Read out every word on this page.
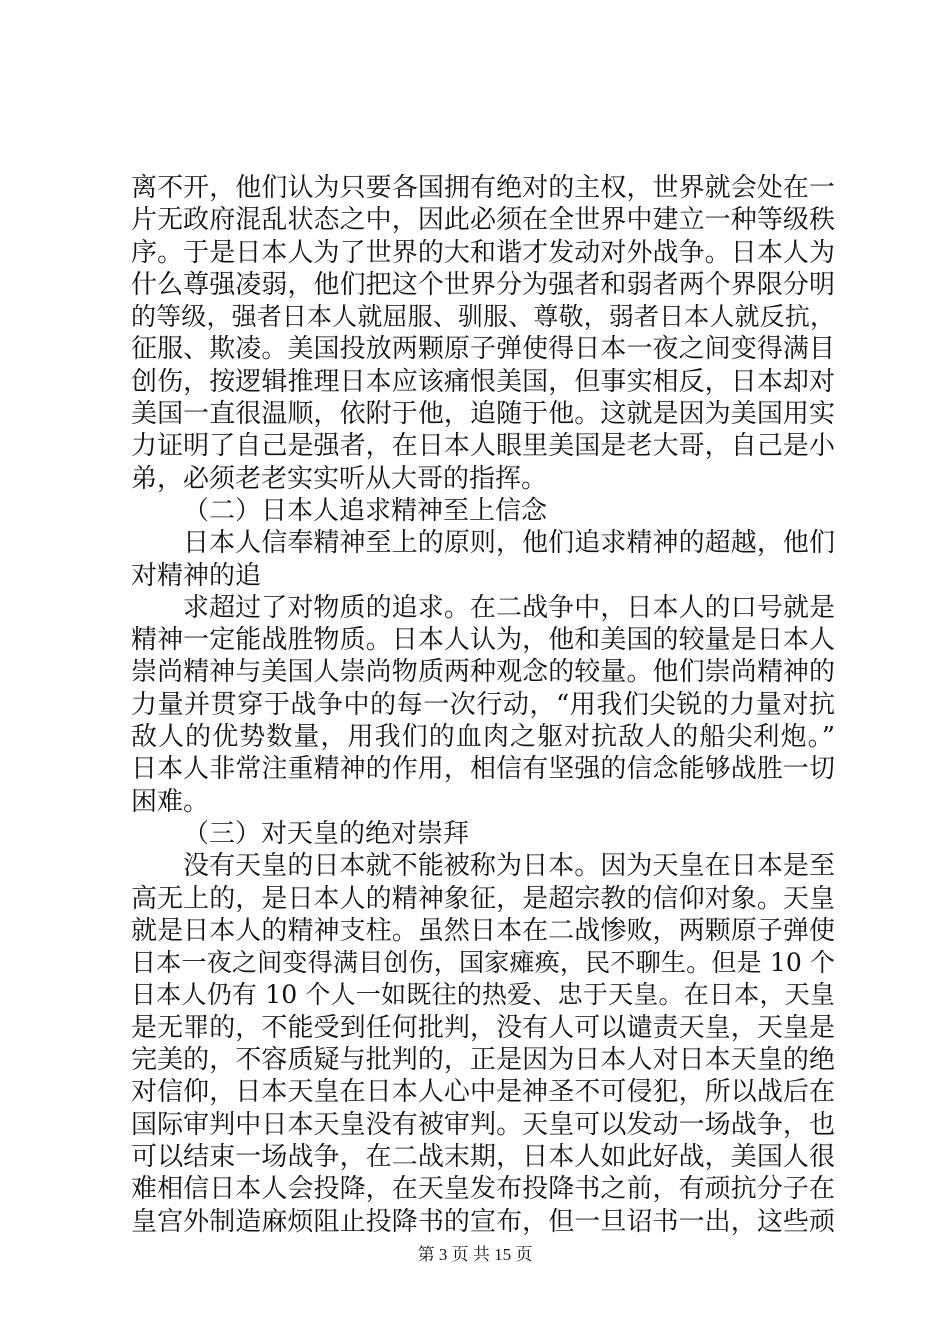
离不开，他们认为只要各国拥有绝对的主权，世界就会处在一
片无政府混乱状态之中，因此必须在全世界中建立一种等级秩
序。于是日本人为了世界的大和谐才发动对外战争。日本人为
什么尊强凌弱，他们把这个世界分为强者和弱者两个界限分明
的等级，强者日本人就屈服、驯服、尊敬，弱者日本人就反抗，
征服、欺凌。美国投放两颗原子弹使得日本一夜之间变得满目
创伤，按逻辑推理日本应该痛恨美国，但事实相反，日本却对
美国一直很温顺，依附于他，追随于他。这就是因为美国用实
力证明了自己是强者，在日本人眼里美国是老大哥，自己是小
弟，必须老老实实听从大哥的指挥。
（二）日本人追求精神至上信念
日本人信奉精神至上的原则，他们追求精神的超越，他们
对精神的追
求超过了对物质的追求。在二战争中，日本人的口号就是
精神一定能战胜物质。日本人认为，他和美国的较量是日本人
崇尚精神与美国人崇尚物质两种观念的较量。他们崇尚精神的
力量并贯穿于战争中的每一次行动，“用我们尖锐的力量对抗
敌人的优势数量，用我们的血肉之躯对抗敌人的船尖利炮。”
日本人非常注重精神的作用，相信有坚强的信念能够战胜一切
困难。
（三）对天皇的绝对崇拜
没有天皇的日本就不能被称为日本。因为天皇在日本是至
高无上的，是日本人的精神象征，是超宗教的信仰对象。天皇
就是日本人的精神支柱。虽然日本在二战惨败，两颗原子弹使
日本一夜之间变得满目创伤，国家瘫痪，民不聊生。但是 10 个
日本人仍有 10 个人一如既往的热爱、忠于天皇。在日本，天皇
是无罪的，不能受到任何批判，没有人可以谴责天皇，天皇是
完美的，不容质疑与批判的，正是因为日本人对日本天皇的绝
对信仰，日本天皇在日本人心中是神圣不可侵犯，所以战后在
国际审判中日本天皇没有被审判。天皇可以发动一场战争，也
可以结束一场战争，在二战末期，日本人如此好战，美国人很
难相信日本人会投降，在天皇发布投降书之前，有顽抗分子在
皇宫外制造麻烦阻止投降书的宣布，但一旦诏书一出，这些顽
第 3 页 共 15 页
